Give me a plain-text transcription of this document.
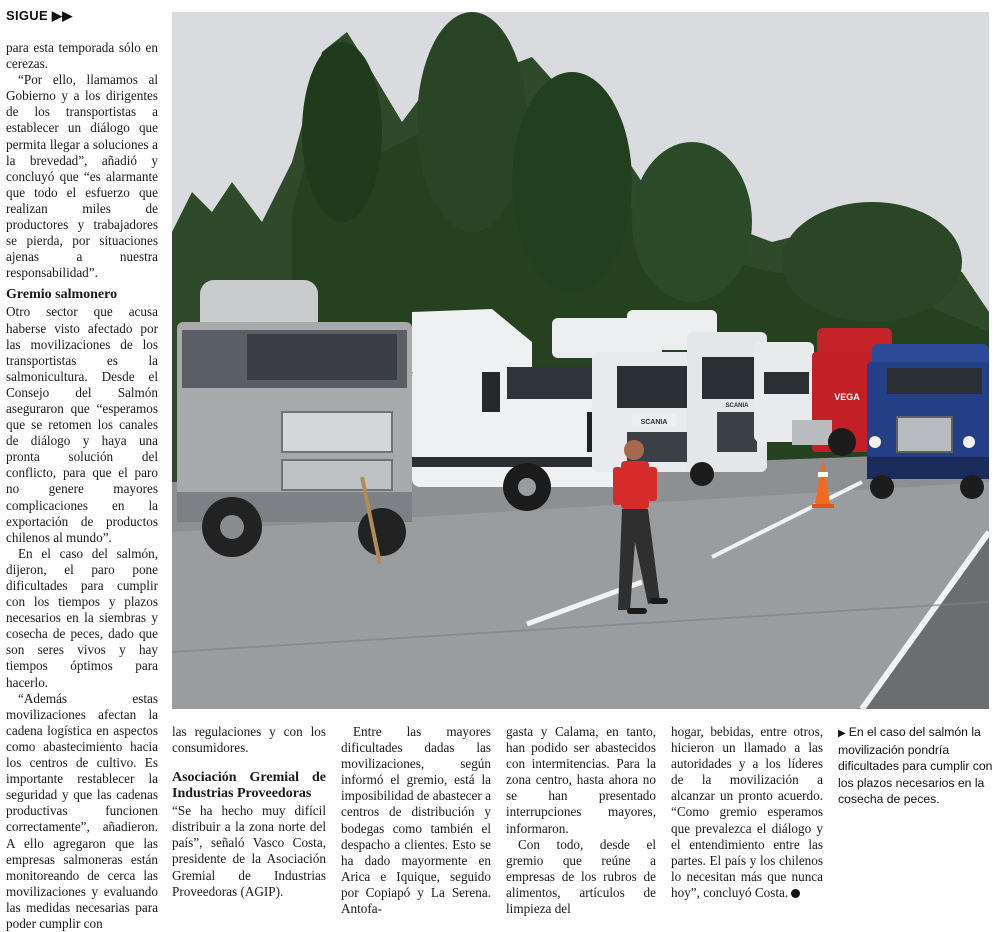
SIGUE ▶▶

para esta temporada sólo en cerezas.

“Por ello, llamamos al Gobierno y a los dirigentes de los transportistas a establecer un diálogo que permita llegar a soluciones a la brevedad”, añadió y concluyó que “es alarmante que todo el esfuerzo que realizan miles de productores y trabajadores se pierda, por situaciones ajenas a nuestra responsabilidad”.

Gremio salmonero

Otro sector que acusa haberse visto afectado por las movilizaciones de los transportistas es la salmonicultura. Desde el Consejo del Salmón aseguraron que “esperamos que se retomen los canales de diálogo y haya una pronta solución del conflicto, para que el paro no genere mayores complicaciones en la exportación de productos chilenos al mundo”.

En el caso del salmón, dijeron, el paro pone dificultades para cumplir con los tiempos y plazos necesarios en la siembras y cosecha de peces, dado que son seres vivos y hay tiempos óptimos para hacerlo.

“Además estas movilizaciones afectan la cadena logística en aspectos como abastecimiento hacia los centros de cultivo. Es importante restablecer la seguridad y que las cadenas productivas funcionen correctamente”, añadieron. A ello agregaron que las empresas salmoneras están monitoreando de cerca las movilizaciones y evaluando las medidas necesarias para poder cumplir con

SCANIA
SCANIA
VEGA

las regulaciones y con los consumidores.

Asociación Gremial de Industrias Proveedoras

“Se ha hecho muy difícil distribuir a la zona norte del país”, señaló Vasco Costa, presidente de la Asociación Gremial de Industrias Proveedoras (AGIP).

Entre las mayores dificultades dadas las movilizaciones, según informó el gremio, está la imposibilidad de abastecer a centros de distribución y bodegas como también el despacho a clientes. Esto se ha dado mayormente en Arica e Iquique, seguido por Copiapó y La Serena. Antofa-

gasta y Calama, en tanto, han podido ser abastecidos con intermitencias. Para la zona centro, hasta ahora no se han presentado interrupciones mayores, informaron.

Con todo, desde el gremio que reúne a empresas de los rubros de alimentos, artículos de limpieza del

hogar, bebidas, entre otros, hicieron un llamado a las autoridades y a los líderes de la movilización a alcanzar un pronto acuerdo. “Como gremio esperamos que prevalezca el diálogo y el entendimiento entre las partes. El país y los chilenos lo necesitan más que nunca hoy”, concluyó Costa.

▶ En el caso del salmón la movilización pondría dificultades para cumplir con los plazos necesarios en la cosecha de peces.
